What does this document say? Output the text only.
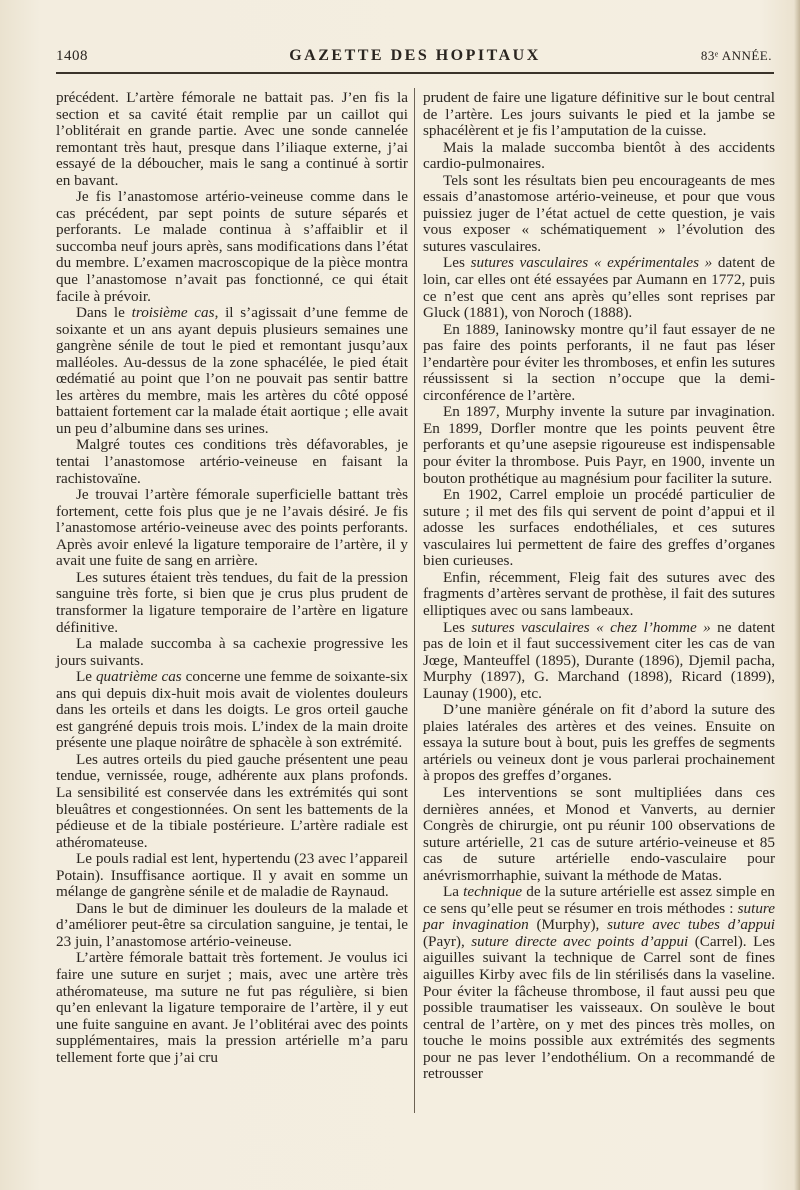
1408	GAZETTE DES HOPITAUX	83ᵉ ANNÉE.

précédent. L’artère fémorale ne battait pas. J’en fis la section et sa cavité était remplie par un caillot qui l’oblitérait en grande partie. Avec une sonde cannelée remontant très haut, presque dans l’iliaque externe, j’ai essayé de la déboucher, mais le sang a continué à sortir en bavant.

Je fis l’anastomose artério-veineuse comme dans le cas précédent, par sept points de suture séparés et perforants. Le malade continua à s’affaiblir et il succomba neuf jours après, sans modifications dans l’état du membre. L’examen macroscopique de la pièce montra que l’anastomose n’avait pas fonctionné, ce qui était facile à prévoir.

Dans le troisième cas, il s’agissait d’une femme de soixante et un ans ayant depuis plusieurs semaines une gangrène sénile de tout le pied et remontant jusqu’aux malléoles. Au-dessus de la zone sphacélée, le pied était œdématié au point que l’on ne pouvait pas sentir battre les artères du membre, mais les artères du côté opposé battaient fortement car la malade était aortique ; elle avait un peu d’albumine dans ses urines.

Malgré toutes ces conditions très défavorables, je tentai l’anastomose artério-veineuse en faisant la rachistovaïne.

Je trouvai l’artère fémorale superficielle battant très fortement, cette fois plus que je ne l’avais désiré. Je fis l’anastomose artério-veineuse avec des points perforants. Après avoir enlevé la ligature temporaire de l’artère, il y avait une fuite de sang en arrière.

Les sutures étaient très tendues, du fait de la pression sanguine très forte, si bien que je crus plus prudent de transformer la ligature temporaire de l’artère en ligature définitive.

La malade succomba à sa cachexie progressive les jours suivants.

Le quatrième cas concerne une femme de soixante-six ans qui depuis dix-huit mois avait de violentes douleurs dans les orteils et dans les doigts. Le gros orteil gauche est gangréné depuis trois mois. L’index de la main droite présente une plaque noirâtre de sphacèle à son extrémité.

Les autres orteils du pied gauche présentent une peau tendue, vernissée, rouge, adhérente aux plans profonds. La sensibilité est conservée dans les extrémités qui sont bleuâtres et congestionnées. On sent les battements de la pédieuse et de la tibiale postérieure. L’artère radiale est athéromateuse.

Le pouls radial est lent, hypertendu (23 avec l’appareil Potain). Insuffisance aortique. Il y avait en somme un mélange de gangrène sénile et de maladie de Raynaud.

Dans le but de diminuer les douleurs de la malade et d’améliorer peut-être sa circulation sanguine, je tentai, le 23 juin, l’anastomose artério-veineuse.

L’artère fémorale battait très fortement. Je voulus ici faire une suture en surjet ; mais, avec une artère très athéromateuse, ma suture ne fut pas régulière, si bien qu’en enlevant la ligature temporaire de l’artère, il y eut une fuite sanguine en avant. Je l’oblitérai avec des points supplémentaires, mais la pression artérielle m’a paru tellement forte que j’ai cru

prudent de faire une ligature définitive sur le bout central de l’artère. Les jours suivants le pied et la jambe se sphacélèrent et je fis l’amputation de la cuisse.

Mais la malade succomba bientôt à des accidents cardio-pulmonaires.

Tels sont les résultats bien peu encourageants de mes essais d’anastomose artério-veineuse, et pour que vous puissiez juger de l’état actuel de cette question, je vais vous exposer « schématiquement » l’évolution des sutures vasculaires.

Les sutures vasculaires « expérimentales » datent de loin, car elles ont été essayées par Aumann en 1772, puis ce n’est que cent ans après qu’elles sont reprises par Gluck (1881), von Noroch (1888).

En 1889, Ianinowsky montre qu’il faut essayer de ne pas faire des points perforants, il ne faut pas léser l’endartère pour éviter les thromboses, et enfin les sutures réussissent si la section n’occupe que la demi-circonférence de l’artère.

En 1897, Murphy invente la suture par invagination. En 1899, Dorfler montre que les points peuvent être perforants et qu’une asepsie rigoureuse est indispensable pour éviter la thrombose. Puis Payr, en 1900, invente un bouton prothétique au magnésium pour faciliter la suture.

En 1902, Carrel emploie un procédé particulier de suture ; il met des fils qui servent de point d’appui et il adosse les surfaces endothéliales, et ces sutures vasculaires lui permettent de faire des greffes d’organes bien curieuses.

Enfin, récemment, Fleig fait des sutures avec des fragments d’artères servant de prothèse, il fait des sutures elliptiques avec ou sans lambeaux.

Les sutures vasculaires « chez l’homme » ne datent pas de loin et il faut successivement citer les cas de van Jœge, Manteuffel (1895), Durante (1896), Djemil pacha, Murphy (1897), G. Marchand (1898), Ricard (1899), Launay (1900), etc.

D’une manière générale on fit d’abord la suture des plaies latérales des artères et des veines. Ensuite on essaya la suture bout à bout, puis les greffes de segments artériels ou veineux dont je vous parlerai prochainement à propos des greffes d’organes.

Les interventions se sont multipliées dans ces dernières années, et Monod et Vanverts, au dernier Congrès de chirurgie, ont pu réunir 100 observations de suture artérielle, 21 cas de suture artério-veineuse et 85 cas de suture artérielle endo-vasculaire pour anévrismorrhaphie, suivant la méthode de Matas.

La technique de la suture artérielle est assez simple en ce sens qu’elle peut se résumer en trois méthodes : suture par invagination (Murphy), suture avec tubes d’appui (Payr), suture directe avec points d’appui (Carrel). Les aiguilles suivant la technique de Carrel sont de fines aiguilles Kirby avec fils de lin stérilisés dans la vaseline. Pour éviter la fâcheuse thrombose, il faut aussi peu que possible traumatiser les vaisseaux. On soulève le bout central de l’artère, on y met des pinces très molles, on touche le moins possible aux extrémités des segments pour ne pas lever l’endothélium. On a recommandé de retrousser
